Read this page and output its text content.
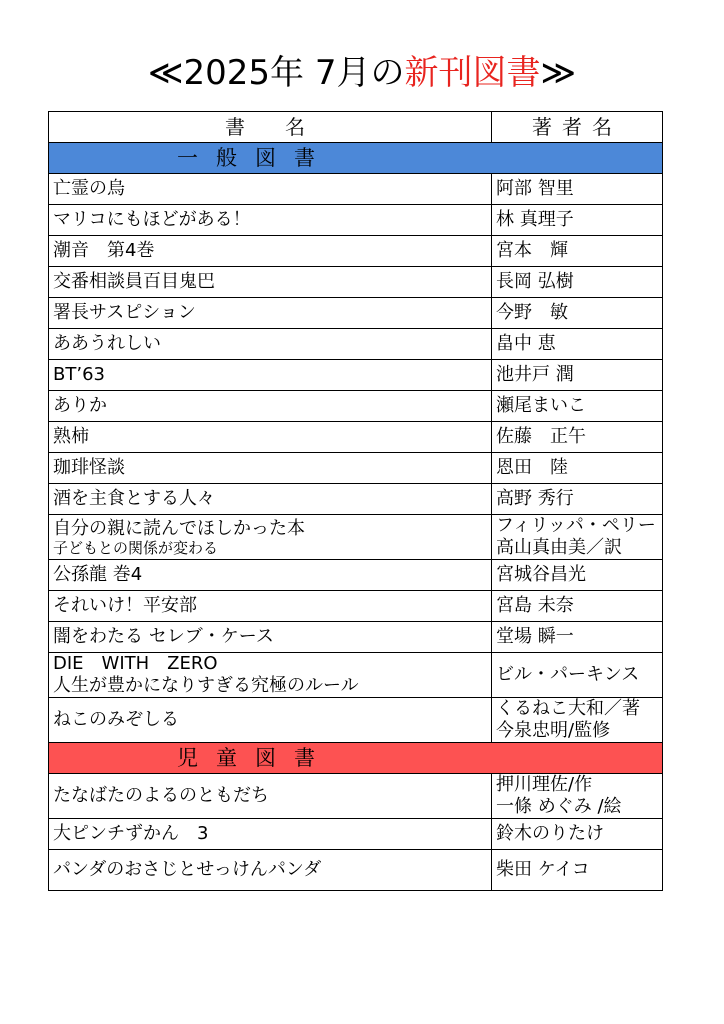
≪2025年 7月の新刊図書≫
書　名	著者名
一般図書	
亡霊の烏	阿部 智里
マリコにもほどがある！	林 真理子
潮音　第4巻	宮本　輝
交番相談員百目鬼巴	長岡 弘樹
署長サスピション	今野　敏
ああうれしい	畠中 恵
BT’63	池井戸 潤
ありか	瀬尾まいこ
熟柿	佐藤　正午
珈琲怪談	恩田　陸
酒を主食とする人々	高野 秀行

自分の親に読んでほしかった本
子どもとの関係が変わる	フィリッパ・ペリー
高山真由美／訳

公孫龍 巻4	宮城谷昌光
それいけ！平安部	宮島 未奈
闇をわたる セレブ・ケース	堂場 瞬一

DIE　WITH　ZERO
人生が豊かになりすぎる究極のルール	ビル・パーキンス
ねこのみぞしる	くるねこ大和／著
今泉忠明/監修

児童図書	
たなばたのよるのともだち	押川理佐/作
一條 めぐみ /絵

大ピンチずかん　3	鈴木のりたけ
パンダのおさじとせっけんパンダ	柴田 ケイコ
